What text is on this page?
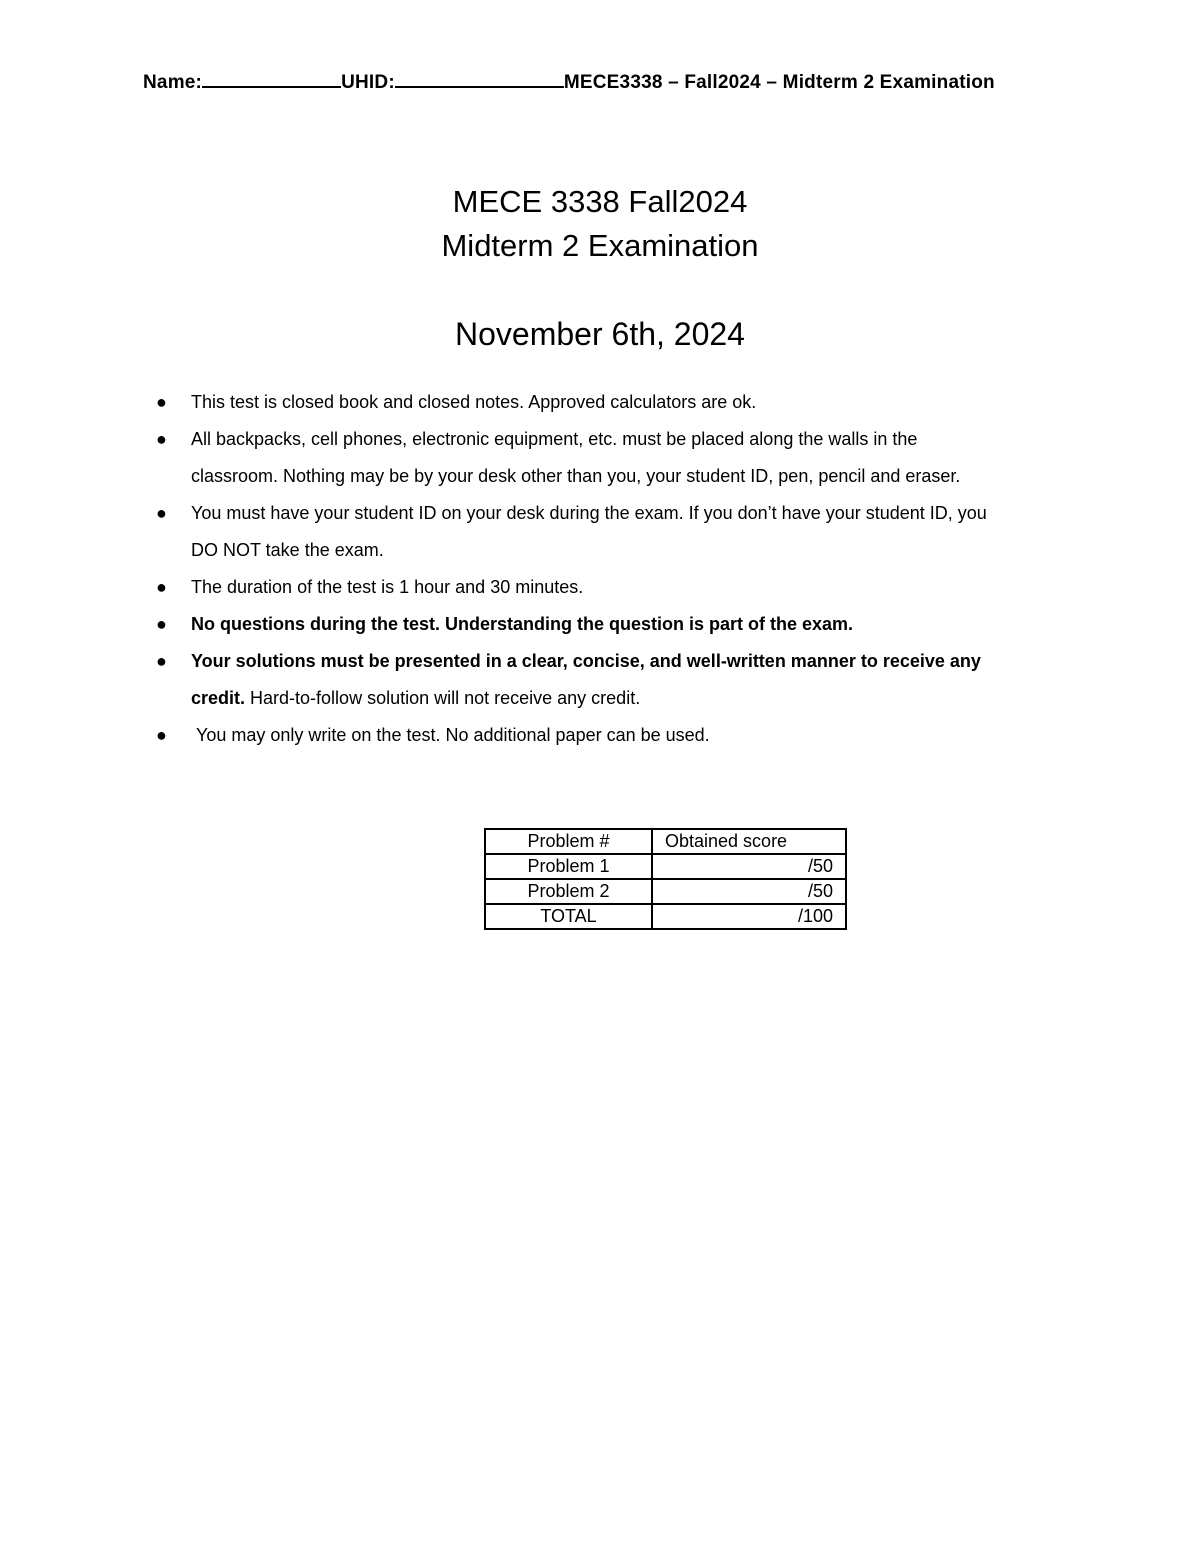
Name:	UHID:	MECE3338 – Fall2024 – Midterm 2 Examination
MECE 3338 Fall2024
Midterm 2 Examination
November 6th, 2024
● This test is closed book and closed notes. Approved calculators are ok.
● All backpacks, cell phones, electronic equipment, etc. must be placed along the walls in the
classroom. Nothing may be by your desk other than you, your student ID, pen, pencil and eraser.
● You must have your student ID on your desk during the exam. If you don’t have your student ID, you
DO NOT take the exam.
● The duration of the test is 1 hour and 30 minutes.
● No questions during the test. Understanding the question is part of the exam.
● Your solutions must be presented in a clear, concise, and well-written manner to receive any
credit. Hard-to-follow solution will not receive any credit.
● You may only write on the test. No additional paper can be used.
Problem #	Obtained score
Problem 1	/50
Problem 2	/50
TOTAL	/100
